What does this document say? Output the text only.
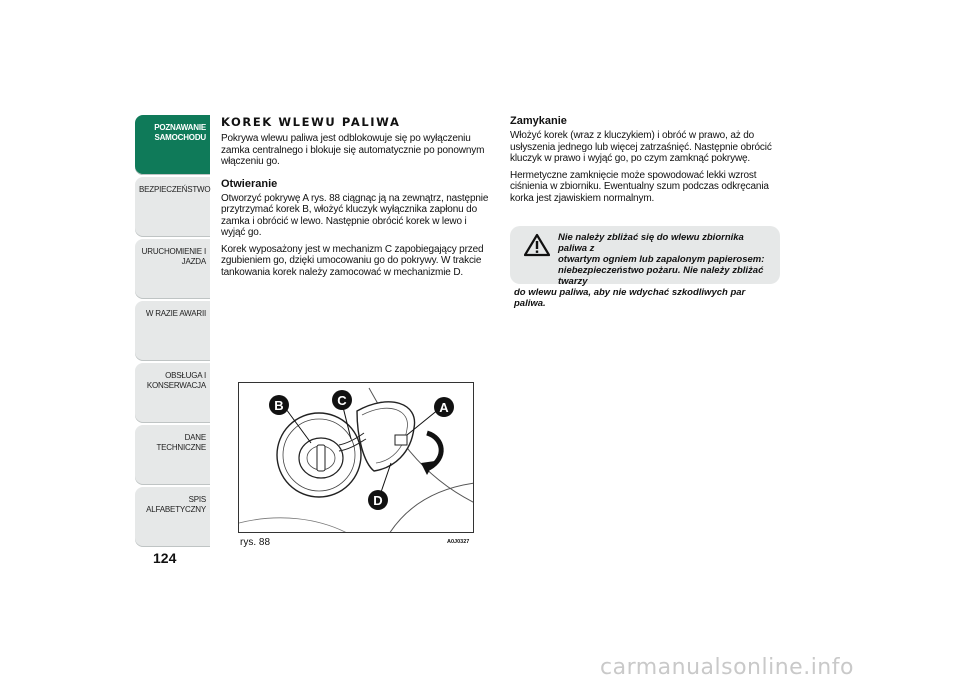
POZNAWANIE
SAMOCHODU
BEZPIECZEŃSTWO
URUCHOMIENIE I
JAZDA
W RAZIE AWARII
OBSŁUGA I
KONSERWACJA
DANE TECHNICZNE
SPIS ALFABETYCZNY
124
KOREK WLEWU PALIWA

Pokrywa wlewu paliwa jest odblokowuje się po wyłączeniu zamka centralnego i blokuje się automatycznie po ponownym włączeniu go.

Otwieranie

Otworzyć pokrywę A rys. 88 ciągnąc ją na zewnątrz, następnie przytrzymać korek B, włożyć kluczyk wyłącznika zapłonu do zamka i obrócić w lewo. Następnie obrócić korek w lewo i wyjąć go.

Korek wyposażony jest w mechanizm C zapobiegający przed zgubieniem go, dzięki umocowaniu go do pokrywy. W trakcie tankowania korek należy zamocować w mechanizmie D.

Zamykanie

Włożyć korek (wraz z kluczykiem) i obróć w prawo, aż do usłyszenia jednego lub więcej zatrzaśnięć. Następnie obrócić kluczyk w prawo i wyjąć go, po czym zamknąć pokrywę.

Hermetyczne zamknięcie może spowodować lekki wzrost ciśnienia w zbiorniku. Ewentualny szum podczas odkręcania korka jest zjawiskiem normalnym.

Nie należy zbliżać się do wlewu zbiornika paliwa z
otwartym ogniem lub zapalonym papierosem:
niebezpieczeństwo pożaru. Nie należy zbliżać twarzy
do wlewu paliwa, aby nie wdychać szkodliwych par paliwa.
B	C	A
D
rys. 88	A0J0327
carmanualsonline.info
